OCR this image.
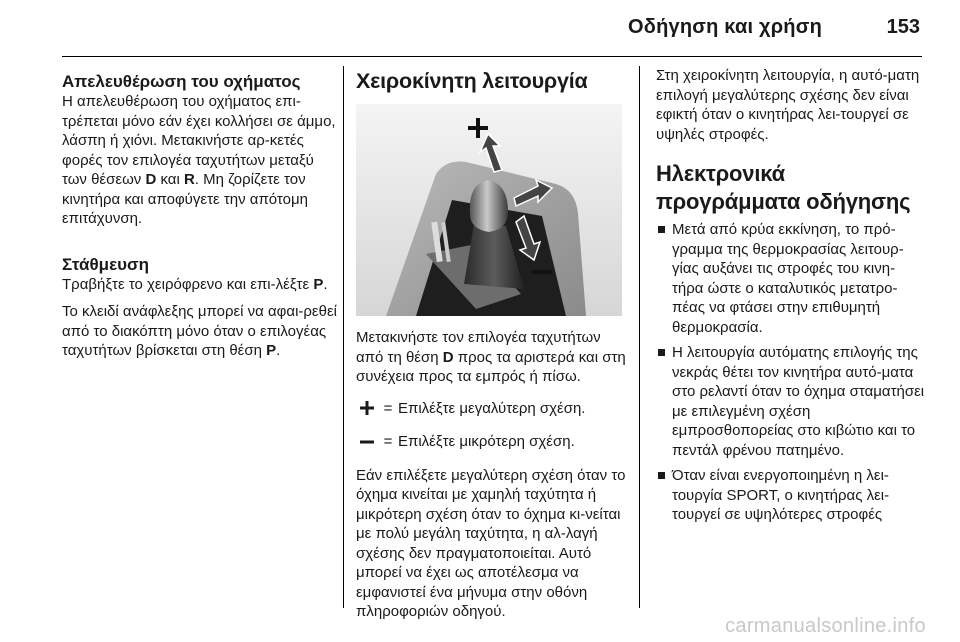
Οδήγηση και χρήση	153
Απελευθέρωση του οχήματος

Η απελευθέρωση του οχήματος επι-τρέπεται μόνο εάν έχει κολλήσει σε άμμο, λάσπη ή χιόνι. Μετακινήστε αρ-κετές φορές τον επιλογέα ταχυτήτων μεταξύ των θέσεων D και R. Μη ζορίζετε τον κινητήρα και αποφύγετε την απότομη επιτάχυνση.

Στάθμευση

Τραβήξτε το χειρόφρενο και επι-λέξτε P.

Το κλειδί ανάφλεξης μπορεί να αφαι-ρεθεί από το διακόπτη μόνο όταν ο επιλογέας ταχυτήτων βρίσκεται στη θέση P.

Χειροκίνητη λειτουργία

Μετακινήστε τον επιλογέα ταχυτήτων από τη θέση D προς τα αριστερά και στη συνέχεια προς τα εμπρός ή πίσω.

= Επιλέξτε μεγαλύτερη σχέση.
= Επιλέξτε μικρότερη σχέση.

Εάν επιλέξετε μεγαλύτερη σχέση όταν το όχημα κινείται με χαμηλή ταχύτητα ή μικρότερη σχέση όταν το όχημα κι-νείται με πολύ μεγάλη ταχύτητα, η αλ-λαγή σχέσης δεν πραγματοποιείται. Αυτό μπορεί να έχει ως αποτέλεσμα να εμφανιστεί ένα μήνυμα στην οθόνη πληροφοριών οδηγού.

Στη χειροκίνητη λειτουργία, η αυτό-ματη επιλογή μεγαλύτερης σχέσης δεν είναι εφικτή όταν ο κινητήρας λει-τουργεί σε υψηλές στροφές.

Ηλεκτρονικά προγράμματα οδήγησης
Μετά από κρύα εκκίνηση, το πρό-γραμμα της θερμοκρασίας λειτουρ-γίας αυξάνει τις στροφές του κινη-τήρα ώστε ο καταλυτικός μετατρο-πέας να φτάσει στην επιθυμητή θερμοκρασία.
Η λειτουργία αυτόματης επιλογής της νεκράς θέτει τον κινητήρα αυτό-ματα στο ρελαντί όταν το όχημα σταματήσει με επιλεγμένη σχέση εμπροσθοπορείας στο κιβώτιο και το πεντάλ φρένου πατημένο.
Όταν είναι ενεργοποιημένη η λει-τουργία SPORT, ο κινητήρας λει-τουργεί σε υψηλότερες στροφές
carmanualsonline.info
